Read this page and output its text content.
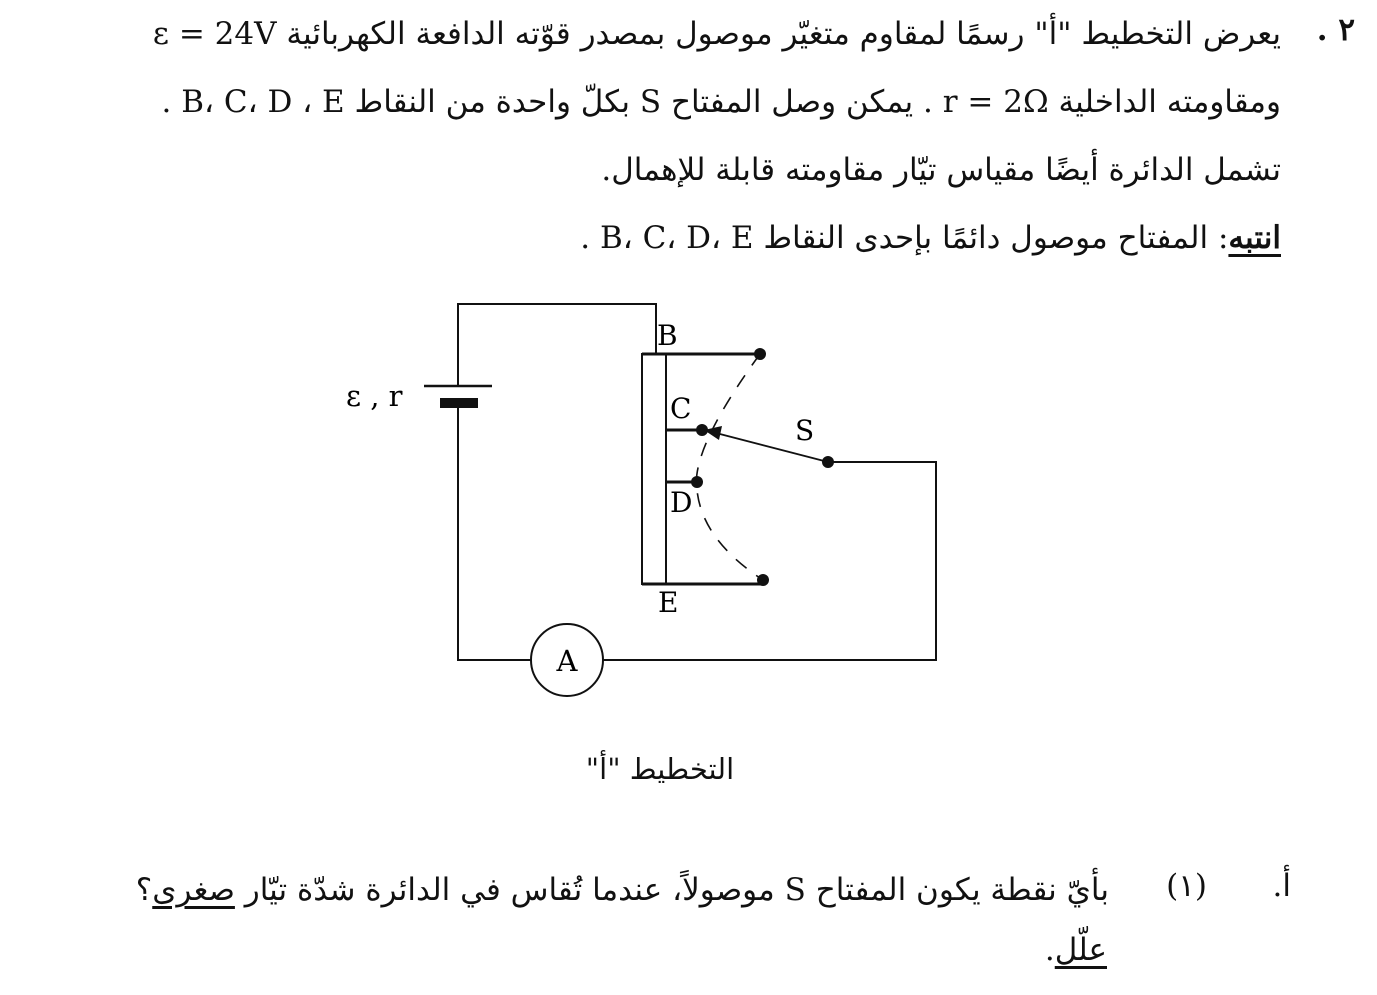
٢ .
يعرض التخطيط "أ" رسمًا لمقاوم متغيّر موصول بمصدر قوّته الدافعة الكهربائية ε = 24V
ومقاومته الداخلية r = 2Ω . يمكن وصل المفتاح S بكلّ واحدة من النقاط B، C، D ، E .
تشمل الدائرة أيضًا مقياس تيّار مقاومته قابلة للإهمال.
انتبه: المفتاح موصول دائمًا بإحدى النقاط B، C، D، E .
A
ε , r
B
C
D
E
S
التخطيط "أ"
أ.
(١)
بأيّ نقطة يكون المفتاح S موصولاً، عندما تُقاس في الدائرة شدّة تيّار صغرى؟
علّل.
